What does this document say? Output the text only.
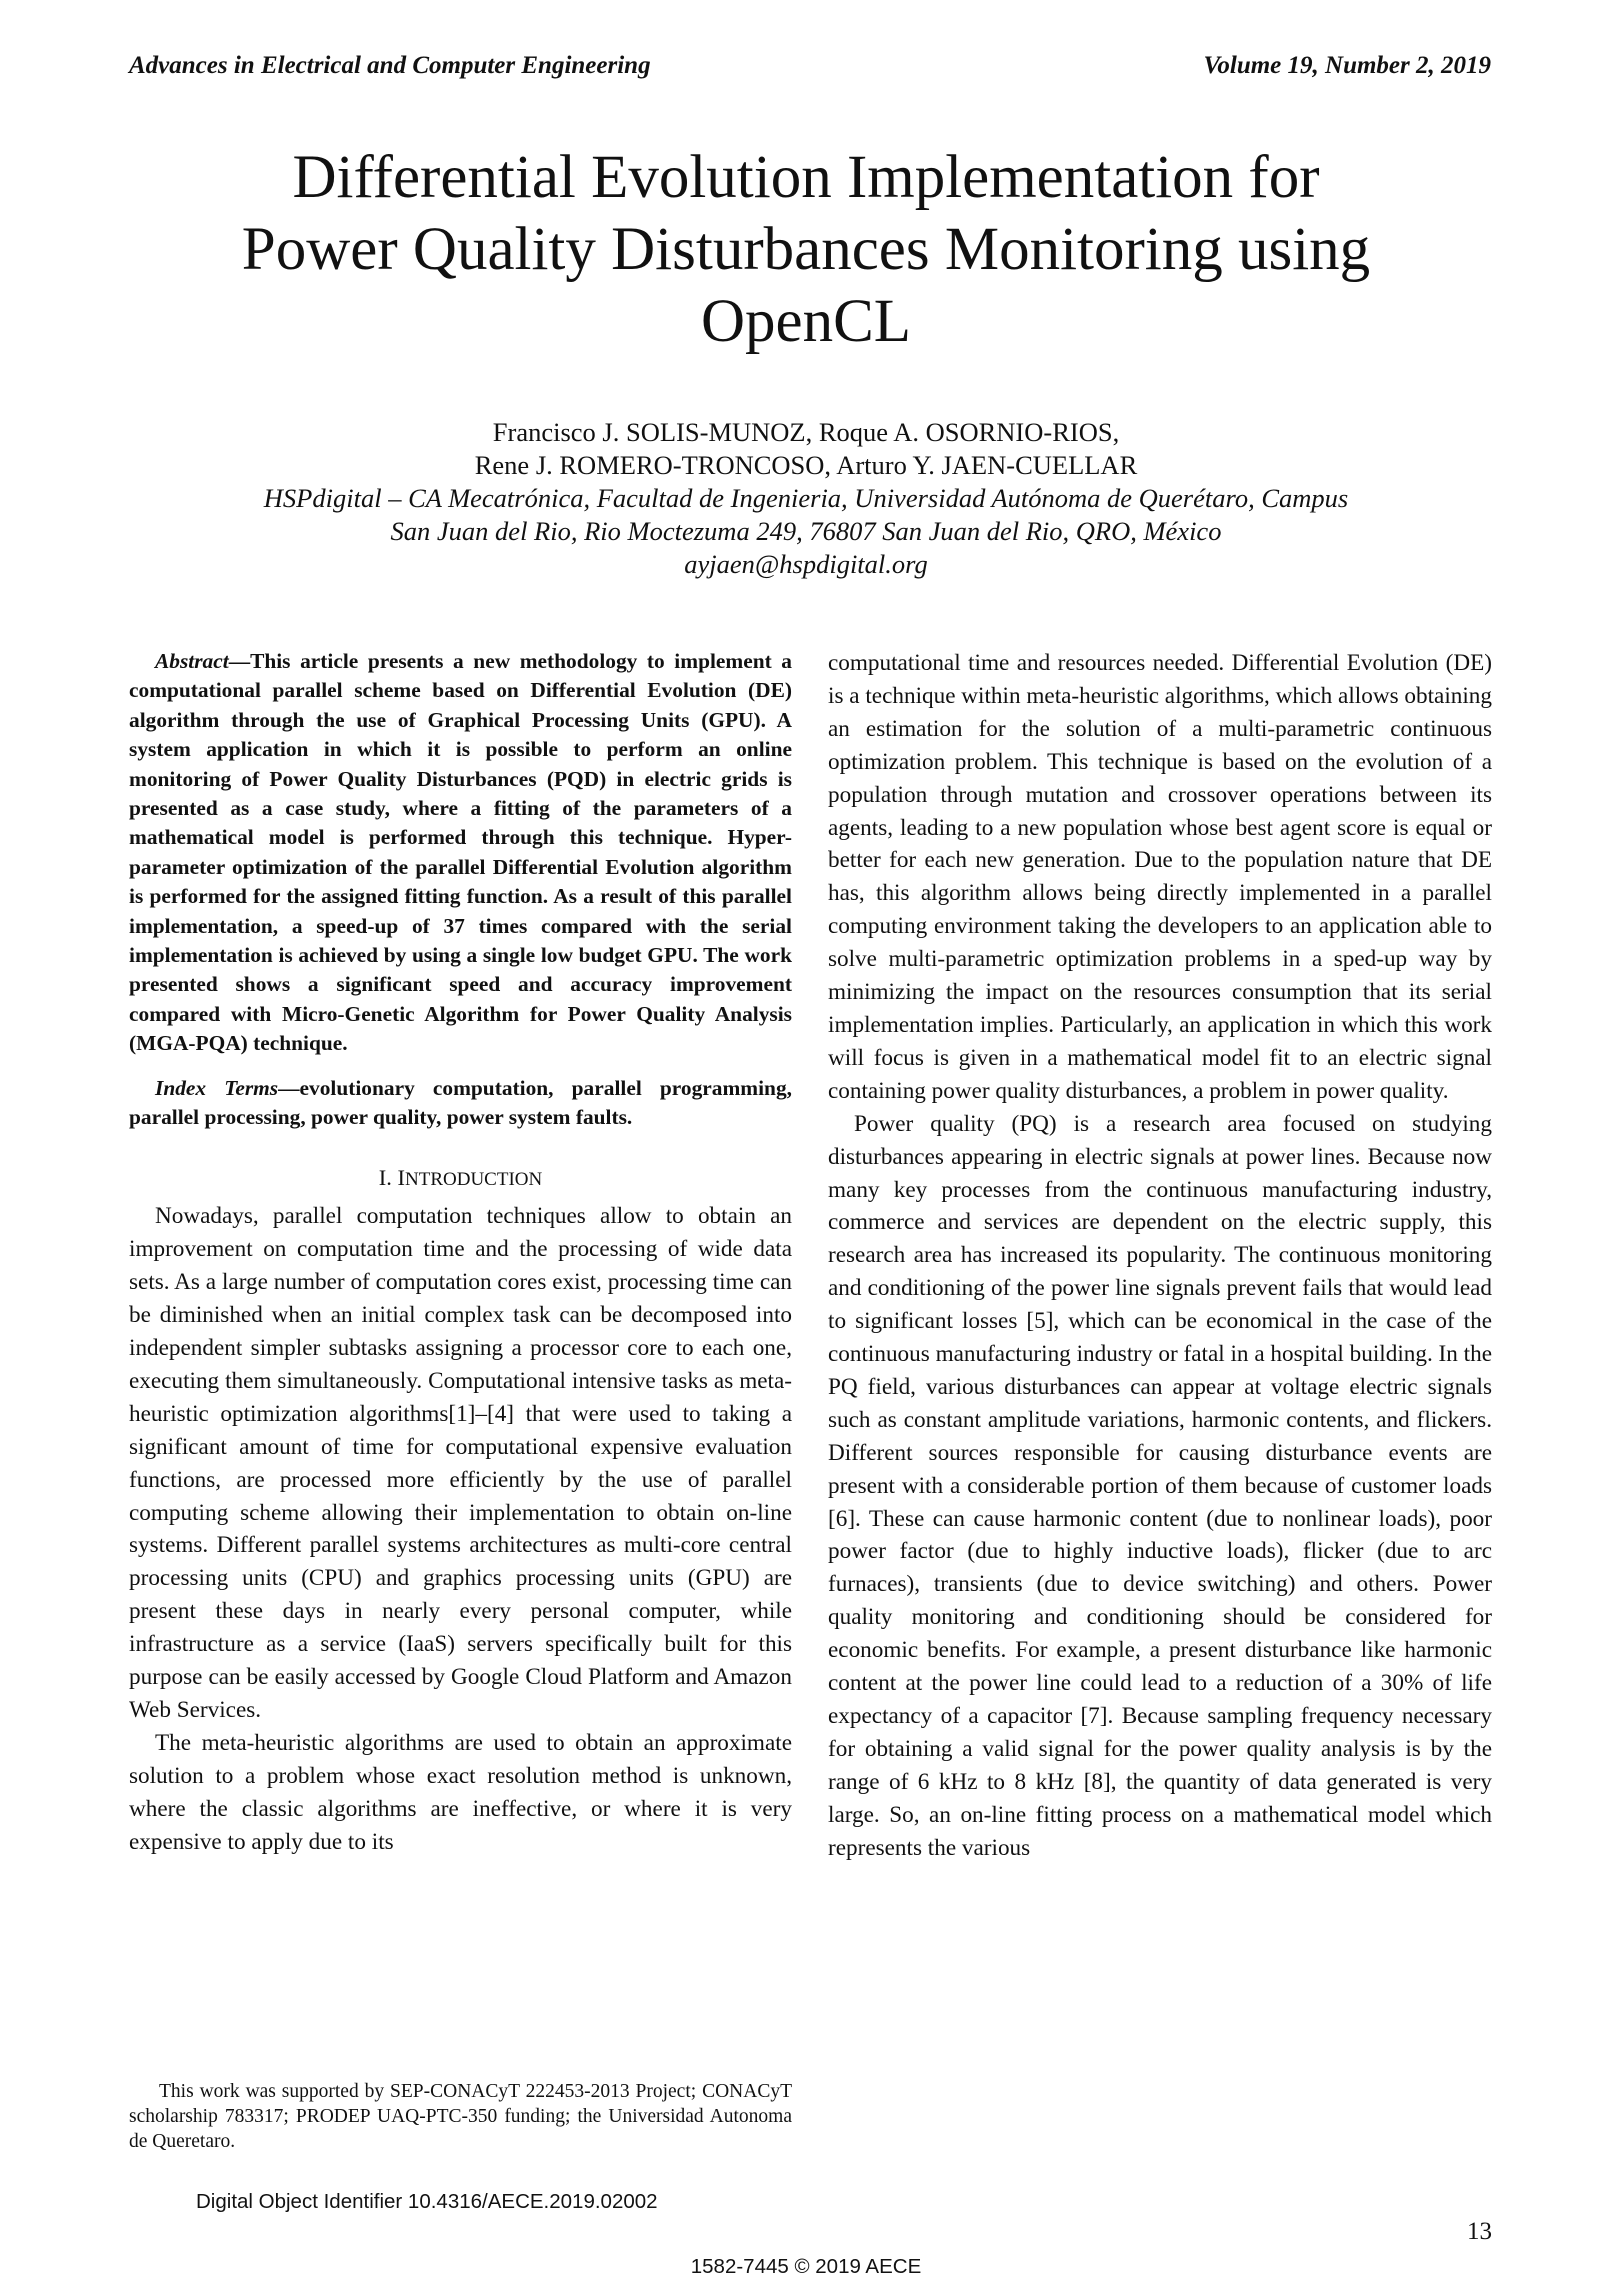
Advances in Electrical and Computer Engineering	Volume 19, Number 2, 2019
Differential Evolution Implementation for
Power Quality Disturbances Monitoring using
OpenCL
Francisco J. SOLIS-MUNOZ, Roque A. OSORNIO-RIOS,
Rene J. ROMERO-TRONCOSO, Arturo Y. JAEN-CUELLAR
HSPdigital – CA Mecatrónica, Facultad de Ingenieria, Universidad Autónoma de Querétaro, Campus
San Juan del Rio, Rio Moctezuma 249, 76807 San Juan del Rio, QRO, México
ayjaen@hspdigital.org

Abstract—This article presents a new methodology to implement a computational parallel scheme based on Differential Evolution (DE) algorithm through the use of Graphical Processing Units (GPU). A system application in which it is possible to perform an online monitoring of Power Quality Disturbances (PQD) in electric grids is presented as a case study, where a fitting of the parameters of a mathematical model is performed through this technique. Hyper-parameter optimization of the parallel Differential Evolution algorithm is performed for the assigned fitting function. As a result of this parallel implementation, a speed-up of 37 times compared with the serial implementation is achieved by using a single low budget GPU. The work presented shows a significant speed and accuracy improvement compared with Micro-Genetic Algorithm for Power Quality Analysis (MGA-PQA) technique.

Index Terms—evolutionary computation, parallel programming, parallel processing, power quality, power system faults.

I. INTRODUCTION

Nowadays, parallel computation techniques allow to obtain an improvement on computation time and the processing of wide data sets. As a large number of computation cores exist, processing time can be diminished when an initial complex task can be decomposed into independent simpler subtasks assigning a processor core to each one, executing them simultaneously. Computational intensive tasks as meta-heuristic optimization algorithms[1]–[4] that were used to taking a significant amount of time for computational expensive evaluation functions, are processed more efficiently by the use of parallel computing scheme allowing their implementation to obtain on-line systems. Different parallel systems architectures as multi-core central processing units (CPU) and graphics processing units (GPU) are present these days in nearly every personal computer, while infrastructure as a service (IaaS) servers specifically built for this purpose can be easily accessed by Google Cloud Platform and Amazon Web Services.

The meta-heuristic algorithms are used to obtain an approximate solution to a problem whose exact resolution method is unknown, where the classic algorithms are ineffective, or where it is very expensive to apply due to its

computational time and resources needed. Differential Evolution (DE) is a technique within meta-heuristic algorithms, which allows obtaining an estimation for the solution of a multi-parametric continuous optimization problem. This technique is based on the evolution of a population through mutation and crossover operations between its agents, leading to a new population whose best agent score is equal or better for each new generation. Due to the population nature that DE has, this algorithm allows being directly implemented in a parallel computing environment taking the developers to an application able to solve multi-parametric optimization problems in a sped-up way by minimizing the impact on the resources consumption that its serial implementation implies. Particularly, an application in which this work will focus is given in a mathematical model fit to an electric signal containing power quality disturbances, a problem in power quality.

Power quality (PQ) is a research area focused on studying disturbances appearing in electric signals at power lines. Because now many key processes from the continuous manufacturing industry, commerce and services are dependent on the electric supply, this research area has increased its popularity. The continuous monitoring and conditioning of the power line signals prevent fails that would lead to significant losses [5], which can be economical in the case of the continuous manufacturing industry or fatal in a hospital building. In the PQ field, various disturbances can appear at voltage electric signals such as constant amplitude variations, harmonic contents, and flickers. Different sources responsible for causing disturbance events are present with a considerable portion of them because of customer loads [6]. These can cause harmonic content (due to nonlinear loads), poor power factor (due to highly inductive loads), flicker (due to arc furnaces), transients (due to device switching) and others. Power quality monitoring and conditioning should be considered for economic benefits. For example, a present disturbance like harmonic content at the power line could lead to a reduction of a 30% of life expectancy of a capacitor [7]. Because sampling frequency necessary for obtaining a valid signal for the power quality analysis is by the range of 6 kHz to 8 kHz [8], the quantity of data generated is very large. So, an on-line fitting process on a mathematical model which represents the various

This work was supported by SEP-CONACyT 222453-2013 Project; CONACyT scholarship 783317; PRODEP UAQ-PTC-350 funding; the Universidad Autonoma de Queretaro.
Digital Object Identifier 10.4316/AECE.2019.02002
13
1582-7445 © 2019 AECE
